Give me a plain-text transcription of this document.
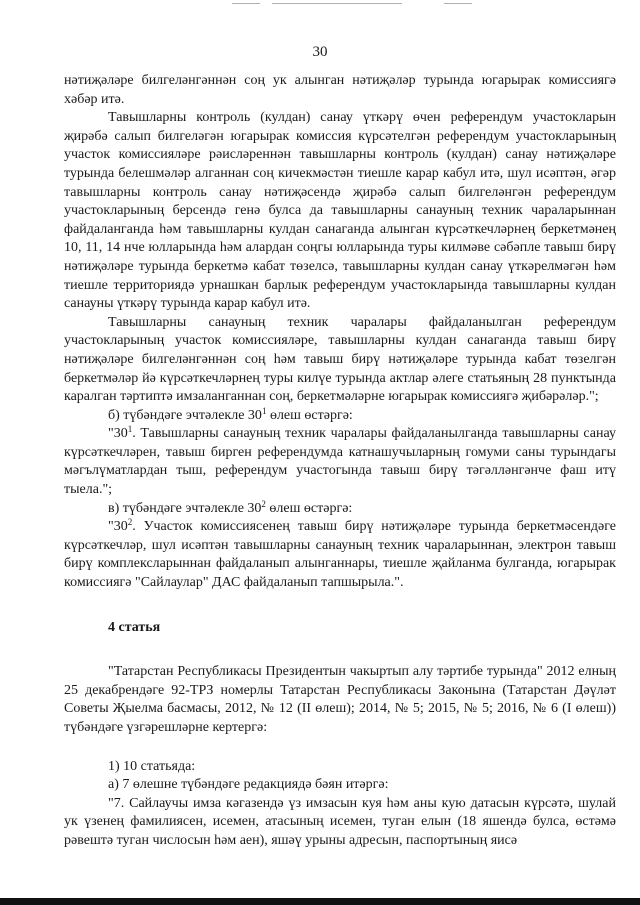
30

нәтиҗәләре билгеләнгәннән соң ук алынган нәтиҗәләр турында югарырак комиссиягә хәбәр итә.

Тавышларны контроль (кулдан) санау үткәрү өчен референдум участокларын җирәбә салып билгеләгән югарырак комиссия күрсәтелгән референдум участокларының участок комиссияләре рәисләреннән тавышларны контроль (кулдан) санау нәтиҗәләре турында белешмәләр алганнан соң кичекмәстән тиешле карар кабул итә, шул исәптән, әгәр тавышларны контроль санау нәтиҗәсендә җирәбә салып билгеләнгән референдум участокларының берсендә генә булса да тавышларны санауның техник чараларыннан файдаланганда һәм тавышларны кулдан санаганда алынган күрсәткечләрнең беркетмәнең 10, 11, 14 нче юлларында һәм алардан соңгы юлларында туры килмәве сәбәпле тавыш бирү нәтиҗәләре турында беркетмә кабат төзелсә, тавышларны кулдан санау үткәрелмәгән һәм тиешле территориядә урнашкан барлык референдум участокларында тавышларны кулдан санауны үткәрү турында карар кабул итә.

Тавышларны санауның техник чаралары файдаланылган референдум участокларының участок комиссияләре, тавышларны кулдан санаганда тавыш бирү нәтиҗәләре билгеләнгәннән соң һәм тавыш бирү нәтиҗәләре турында кабат төзелгән беркетмәләр йә күрсәткечләрнең туры килүе турында актлар әлеге статьяның 28 пунктында каралган тәртиптә имзаланганнан соң, беркетмәләрне югарырак комиссиягә җибәрәләр.";

б) түбәндәге эчтәлекле $30^1$ өлеш өстәргә:

"$30^1$. Тавышларны санауның техник чаралары файдаланылганда тавышларны санау күрсәткечләрен, тавыш бирген референдумда катнашучыларның гомуми саны турындагы мәгълүматлардан тыш, референдум участогында тавыш бирү тәгәлләнгәнче фаш итү тыела.";

в) түбәндәге эчтәлекле $30^2$ өлеш өстәргә:

"$30^2$. Участок комиссиясенең тавыш бирү нәтиҗәләре турында беркетмәсендәге күрсәткечләр, шул исәптән тавышларны санауның техник чараларыннан, электрон тавыш бирү комплексларыннан файдаланып алынганнары, тиешле җайланма булганда, югарырак комиссиягә "Сайлаулар" ДАС файдаланып тапшырыла.".

4 статья

"Татарстан Республикасы Президентын чакыртып алу тәртибе турында" 2012 елның 25 декабрендәге 92-ТРЗ номерлы Татарстан Республикасы Законына (Татарстан Дәүләт Советы Җыелма басмасы, 2012, № 12 (II өлеш); 2014, № 5; 2015, № 5; 2016, № 6 (I өлеш)) түбәндәге үзгәрешләрне кертергә:

1) 10 статьяда:

а) 7 өлешне түбәндәге редакциядә бәян итәргә:

"7. Сайлаучы имза кәгазендә үз имзасын куя һәм аны кую датасын күрсәтә, шулай ук үзенең фамилиясен, исемен, атасының исемен, туган елын (18 яшендә булса, өстәмә рәвештә туган числосын һәм аен), яшәү урыны адресын, паспортының яисә
